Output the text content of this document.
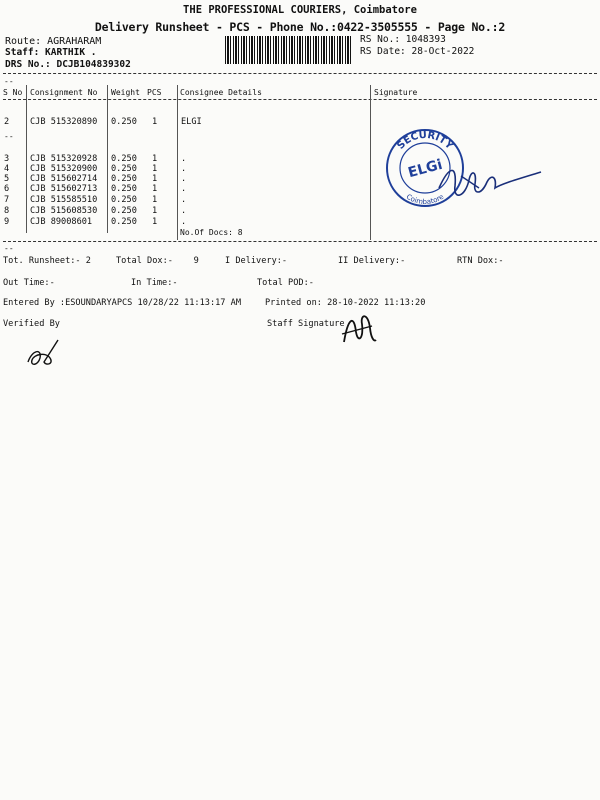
THE PROFESSIONAL COURIERS, Coimbatore
Delivery Runsheet - PCS - Phone No.:0422-3505555 - Page No.:2
Route: AGRAHARAM
Staff: KARTHIK .
DRS No.: DCJB104839302
RS No.: 1048393
RS Date: 28-Oct-2022
--
S No Consignment No Weight PCS Consignee Details	Signature
2 CJB 515320890 0.250 1	ELGI
--
3 CJB 515320928 0.250 1	.
4 CJB 515320900 0.250 1	.
5 CJB 515602714 0.250 1	.
6 CJB 515602713 0.250 1	.
7 CJB 515585510 0.250 1	.
8 CJB 515608530 0.250 1	.
9 CJB 89008601 0.250 1	.
No.Of Docs: 8
--
SECURITY
Coimbatore
ELGi
Tot. Runsheet:- 2	Total Dox:-    9	I Delivery:-	II Delivery:-	RTN Dox:-
Out Time:-	In Time:-	Total POD:-
Entered By :ESOUNDARYAPCS 10/28/22 11:13:17 AM	Printed on: 28-10-2022 11:13:20
Verified By	Staff Signature
